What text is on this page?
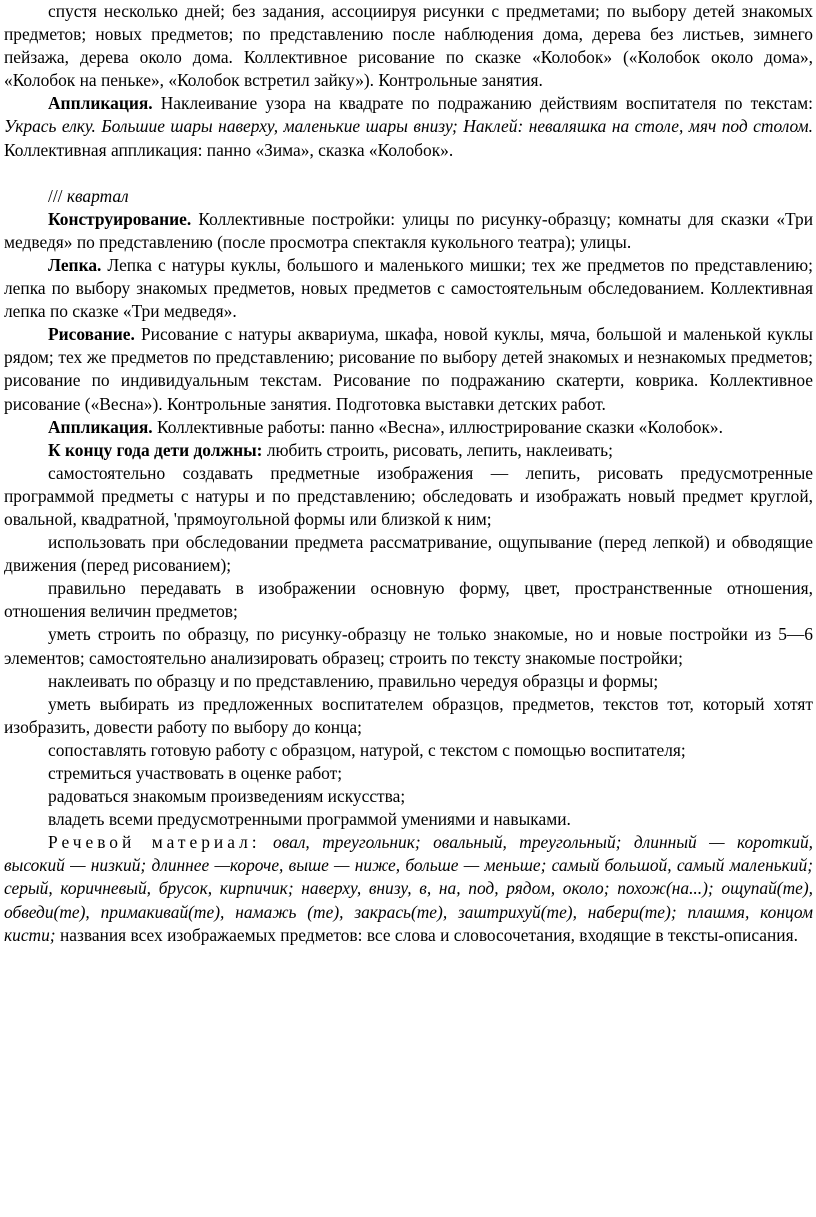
спустя несколько дней; без задания, ассоциируя рисунки с предметами; по выбору детей знакомых предметов; новых предметов; по представлению после наблюдения дома, дерева без листьев, зимнего пейзажа, дерева около дома. Коллективное рисование по сказке «Колобок» («Колобок около дома», «Колобок на пеньке», «Колобок встретил зайку»). Контрольные занятия.

Аппликация. Наклеивание узора на квадрате по подражанию действиям воспитателя по текстам: Укрась елку. Большие шары наверху, маленькие шары внизу; Наклей: неваляшка на столе, мяч под столом. Коллективная аппликация: панно «Зима», сказка «Колобок».

/// квартал

Конструирование. Коллективные постройки: улицы по рисунку-образцу; комнаты для сказки «Три медведя» по представлению (после просмотра спектакля кукольного театра); улицы.

Лепка. Лепка с натуры куклы, большого и маленького мишки; тех же предметов по представлению; лепка по выбору знакомых предметов, новых предметов с самостоятельным обследованием. Коллективная лепка по сказке «Три медведя».

Рисование. Рисование с натуры аквариума, шкафа, новой куклы, мяча, большой и маленькой куклы рядом; тех же предметов по представлению; рисование по выбору детей знакомых и незнакомых предметов; рисование по индивидуальным текстам. Рисование по подражанию скатерти, коврика. Коллективное рисование («Весна»). Контрольные занятия. Подготовка выставки детских работ.

Аппликация. Коллективные работы: панно «Весна», иллюстрирование сказки «Колобок».

К концу года дети должны: любить строить, рисовать, лепить, наклеивать;

самостоятельно создавать предметные изображения — лепить, рисовать предусмотренные программой предметы с натуры и по представлению; обследовать и изображать новый предмет круглой, овальной, квадратной, 'прямоугольной формы или близкой к ним;

использовать при обследовании предмета рассматривание, ощупывание (перед лепкой) и обводящие движения (перед рисованием);

правильно передавать в изображении основную форму, цвет, пространственные отношения, отношения величин предметов;

уметь строить по образцу, по рисунку-образцу не только знакомые, но и новые постройки из 5—6 элементов; самостоятельно анализировать образец; строить по тексту знакомые постройки;

наклеивать по образцу и по представлению, правильно чередуя образцы и формы;

уметь выбирать из предложенных воспитателем образцов, предметов, текстов тот, который хотят изобразить, довести работу по выбору до конца;

сопоставлять готовую работу с образцом, натурой, с текстом с помощью воспитателя;

стремиться участвовать в оценке работ;

радоваться знакомым произведениям искусства;

владеть всеми предусмотренными программой умениями и навыками.

Речевой материал: овал, треугольник; овальный, треугольный; длинный — короткий, высокий — низкий; длиннее —короче, выше — ниже, больше — меньше; самый большой, самый маленький; серый, коричневый, брусок, кирпичик; наверху, внизу, в, на, под, рядом, около; похож(на...); ощупай(те), обведи(те), примакивай(те), намажь (те), закрась(те), заштрихуй(те), набери(те); плашмя, концом кисти; названия всех изображаемых предметов: все слова и словосочетания, входящие в тексты-описания.
